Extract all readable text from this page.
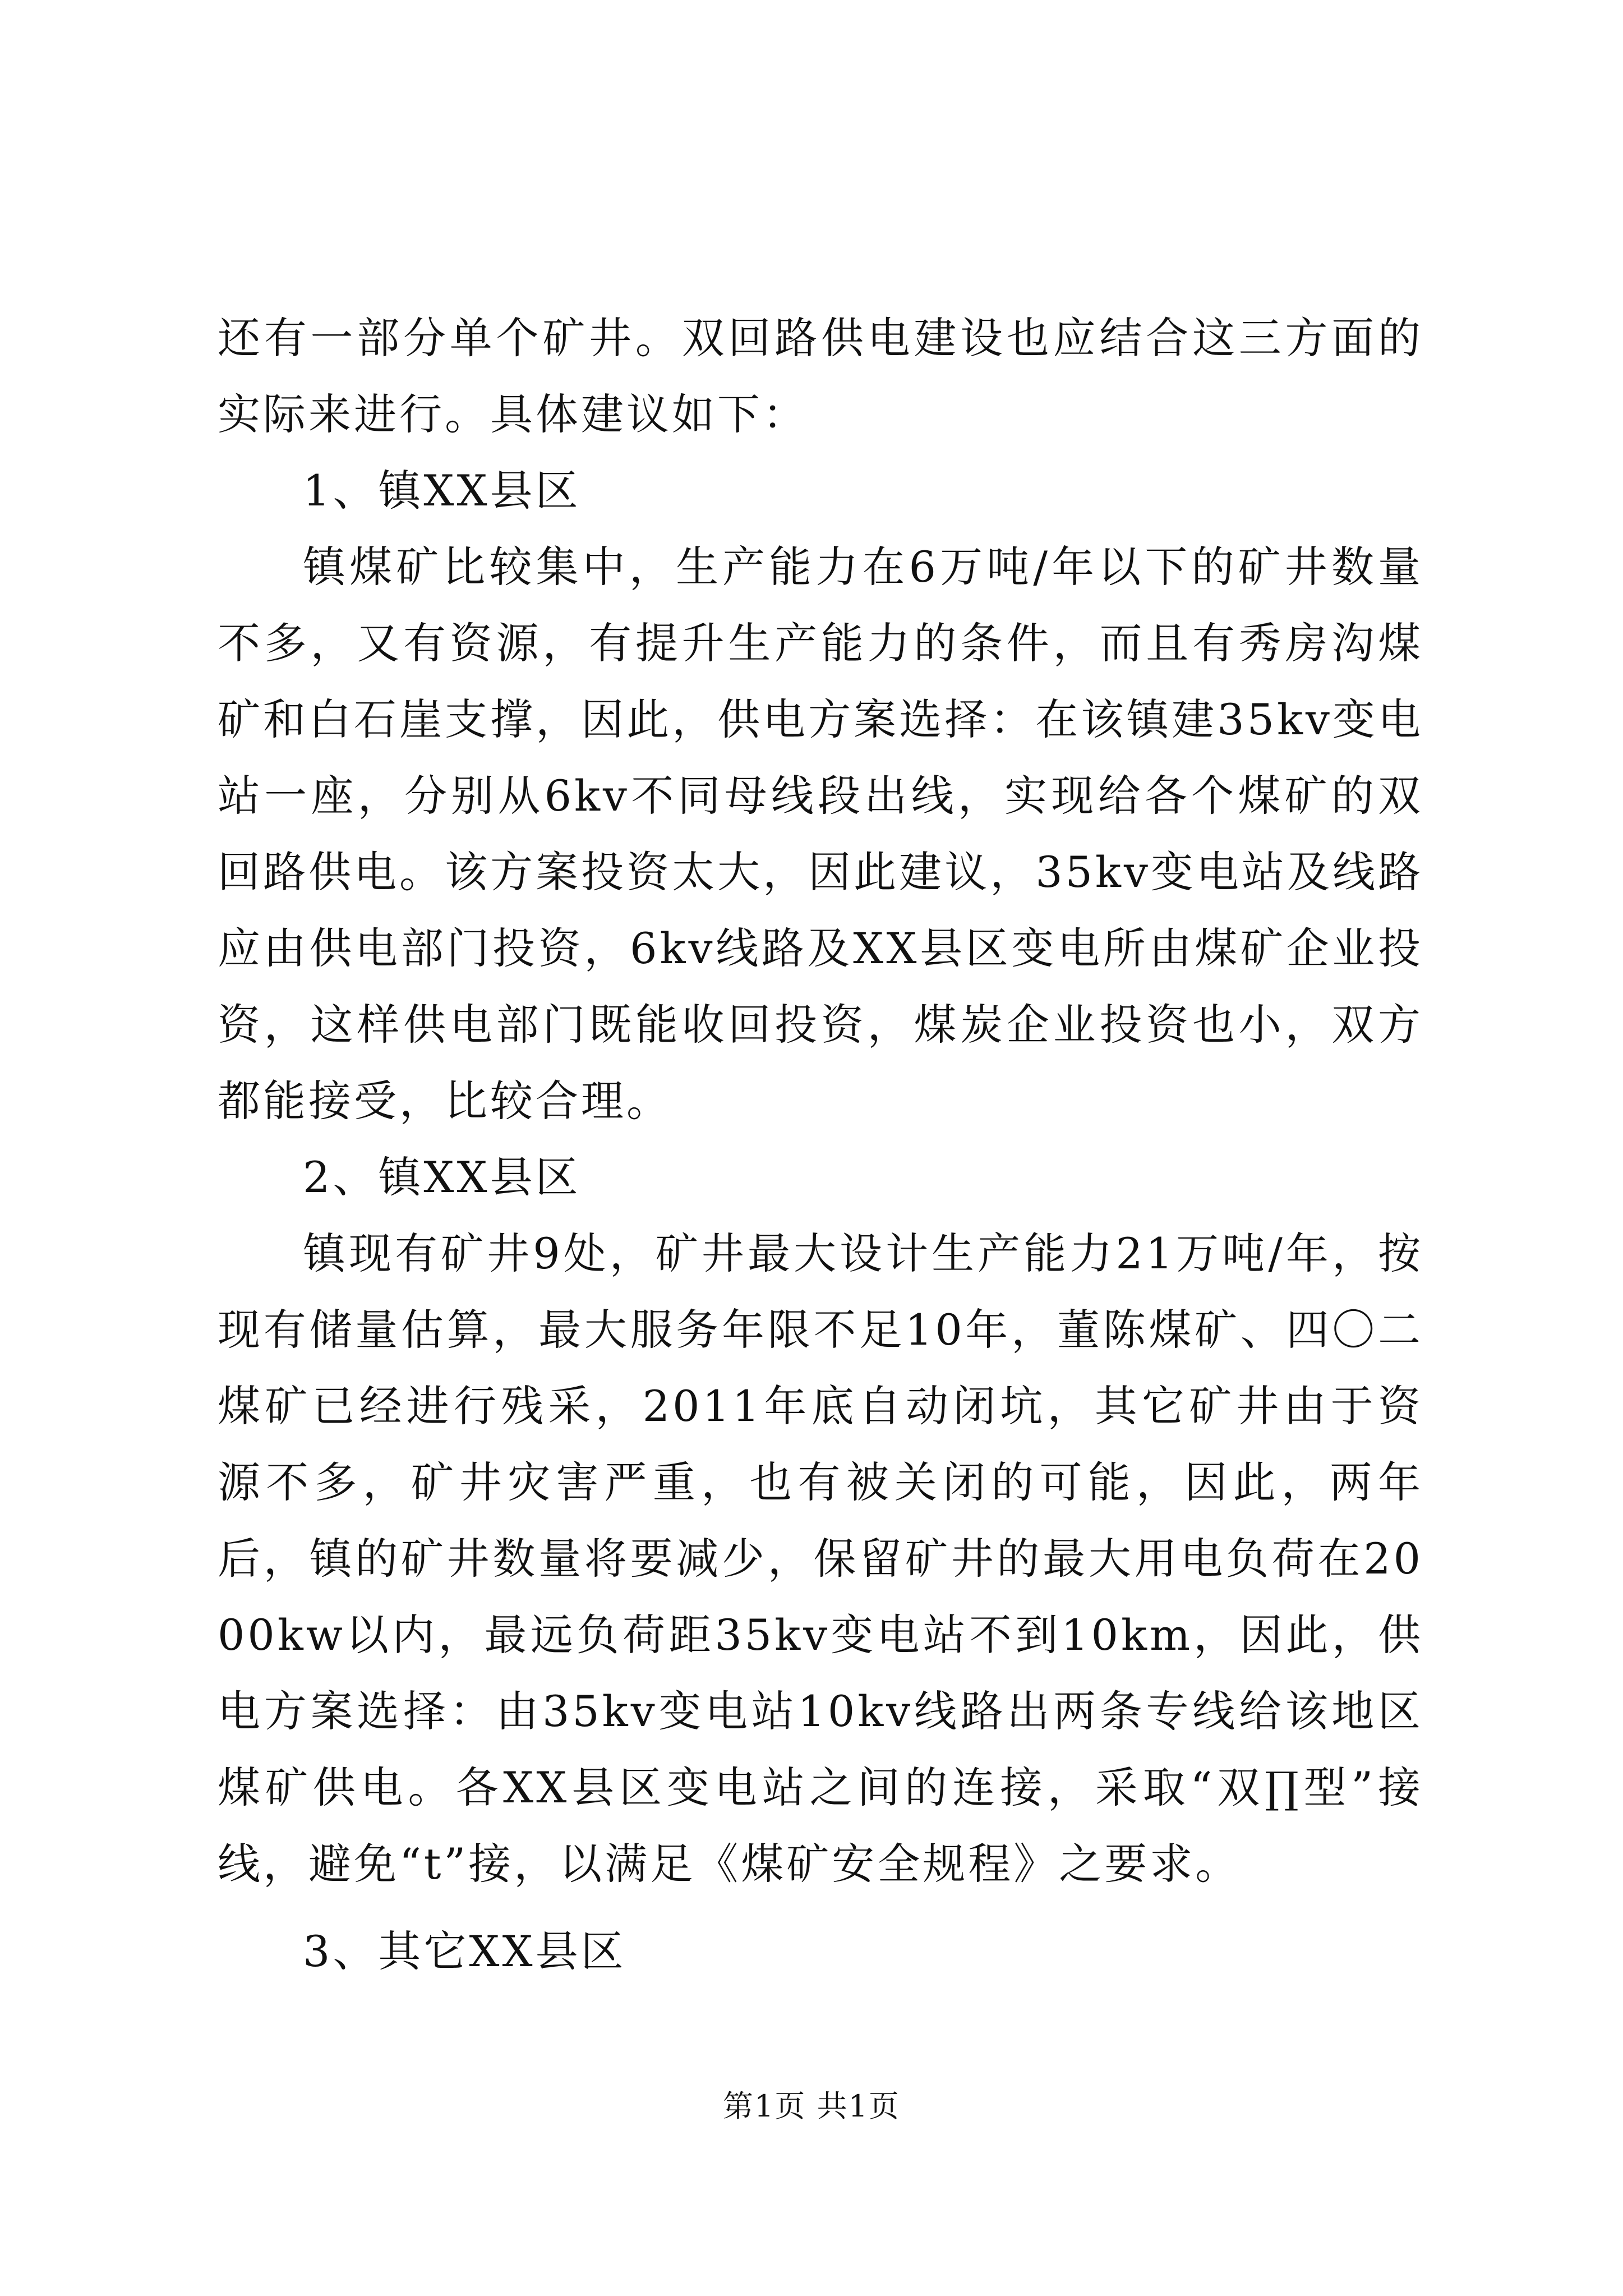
还有一部分单个矿井。双回路供电建设也应结合这三方面的实际来进行。具体建议如下：

1、镇XX县区

镇煤矿比较集中，生产能力在6万吨/年以下的矿井数量不多，又有资源，有提升生产能力的条件，而且有秀房沟煤矿和白石崖支撑，因此，供电方案选择：在该镇建35kv变电站一座，分别从6kv不同母线段出线，实现给各个煤矿的双回路供电。该方案投资太大，因此建议，35kv变电站及线路应由供电部门投资，6kv线路及XX县区变电所由煤矿企业投资，这样供电部门既能收回投资，煤炭企业投资也小，双方都能接受，比较合理。

2、镇XX县区

镇现有矿井9处，矿井最大设计生产能力21万吨/年，按现有储量估算，最大服务年限不足10年，董陈煤矿、四〇二煤矿已经进行残采，2011年底自动闭坑，其它矿井由于资源不多，矿井灾害严重，也有被关闭的可能，因此，两年后，镇的矿井数量将要减少，保留矿井的最大用电负荷在2000kw以内，最远负荷距35kv变电站不到10km，因此，供电方案选择：由35kv变电站10kv线路出两条专线给该地区煤矿供电。各XX县区变电站之间的连接，采取“双∏型”接线，避免“t”接，以满足《煤矿安全规程》之要求。

3、其它XX县区

第1页 共1页
